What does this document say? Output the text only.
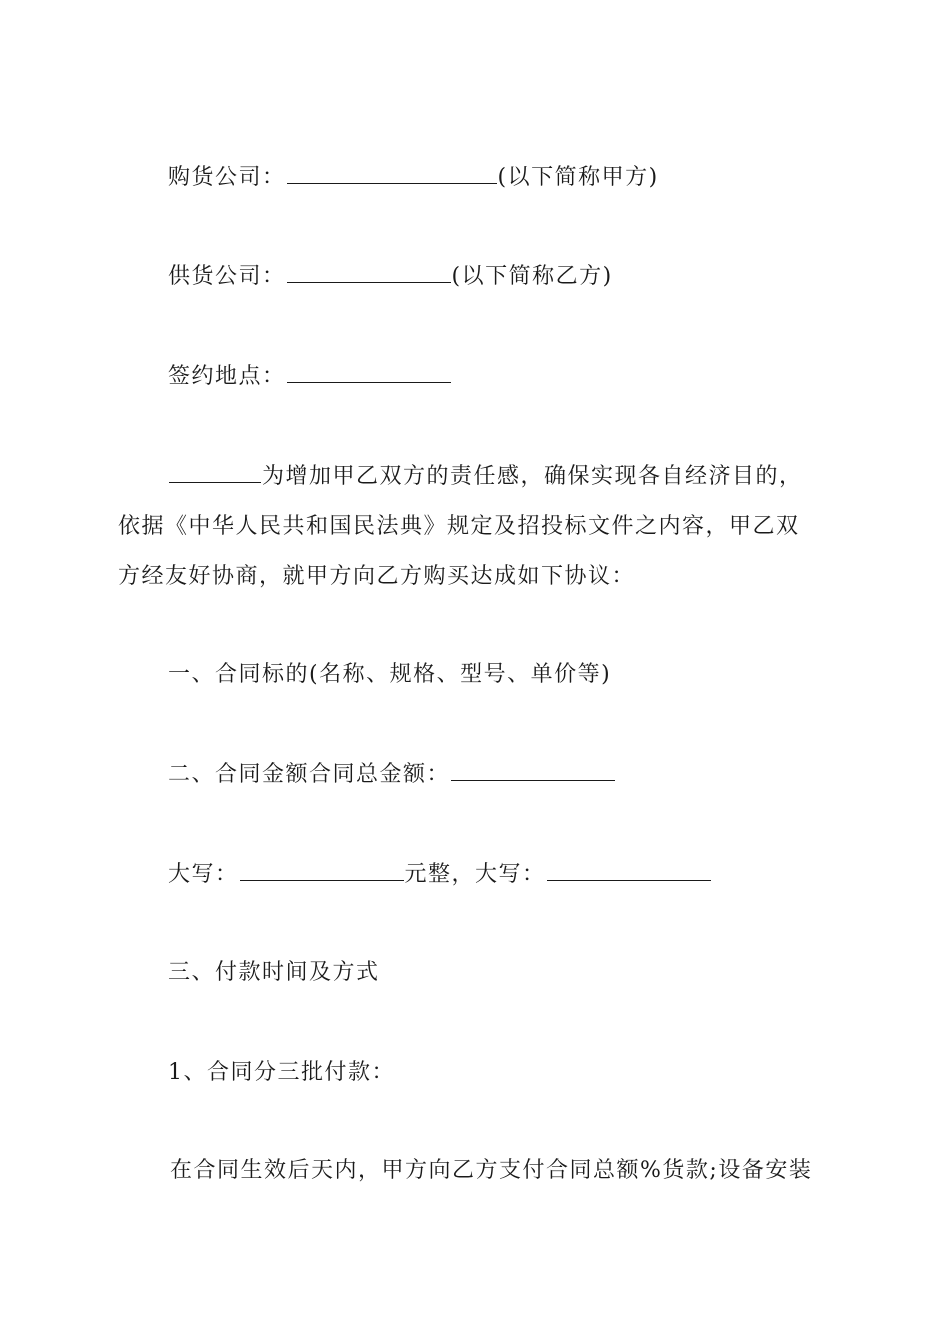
购货公司：	(以下简称甲方)
供货公司：	(以下简称乙方)
签约地点：
为增加甲乙双方的责任感，确保实现各自经济目的，
依据《中华人民共和国民法典》规定及招投标文件之内容，甲乙双
方经友好协商，就甲方向乙方购买达成如下协议：
一、合同标的(名称、规格、型号、单价等)
二、合同金额合同总金额：
大写：	元整，大写：
三、付款时间及方式
1、合同分三批付款：
在合同生效后天内，甲方向乙方支付合同总额%货款;设备安装
